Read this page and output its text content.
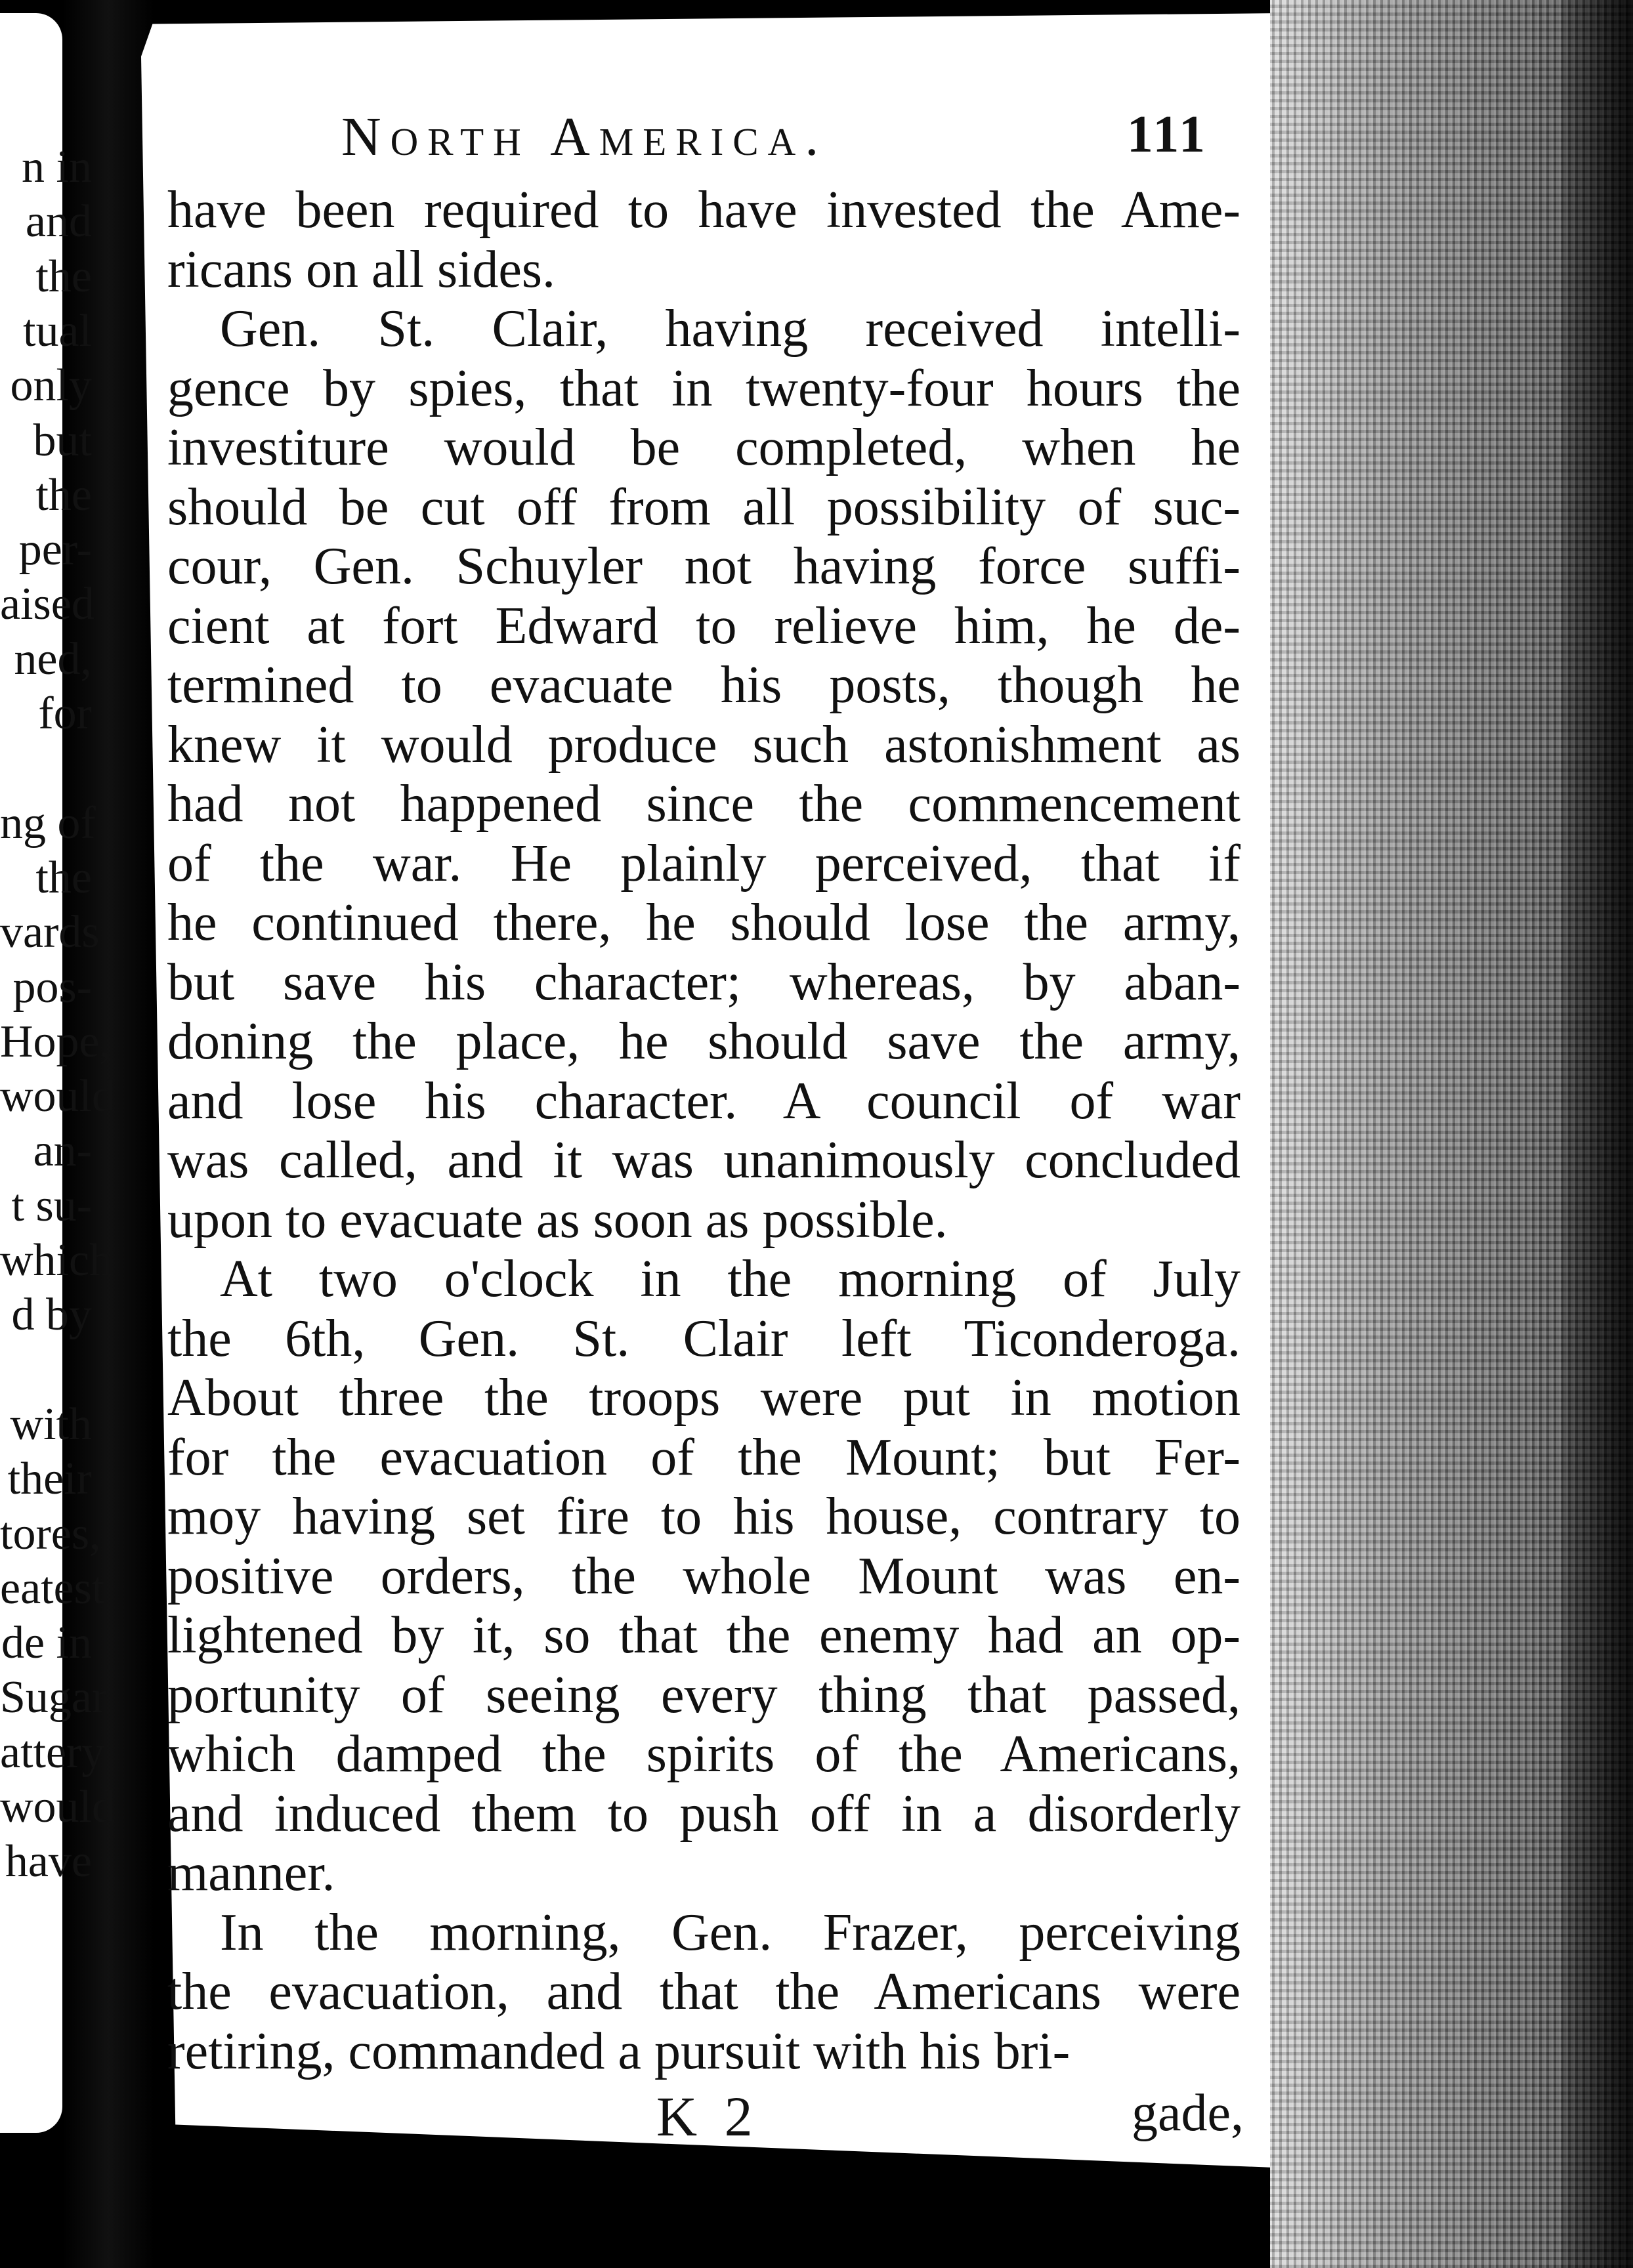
North America.	111
have been required to have invested the Ame-
ricans on all sides.
Gen. St. Clair, having received intelli-
gence by spies, that in twenty-four hours the
investiture would be completed, when he
should be cut off from all possibility of suc-
cour, Gen. Schuyler not having force suffi-
cient at fort Edward to relieve him, he de-
termined to evacuate his posts, though he
knew it would produce such astonishment as
had not happened since the commencement
of the war. He plainly perceived, that if
he continued there, he should lose the army,
but save his character; whereas, by aban-
doning the place, he should save the army,
and lose his character. A council of war
was called, and it was unanimously concluded
upon to evacuate as soon as possible.
At two o'clock in the morning of July
the 6th, Gen. St. Clair left Ticonderoga.
About three the troops were put in motion
for the evacuation of the Mount; but Fer-
moy having set fire to his house, contrary to
positive orders, the whole Mount was en-
lightened by it, so that the enemy had an op-
portunity of seeing every thing that passed,
which damped the spirits of the Americans,
and induced them to push off in a disorderly
manner.
In the morning, Gen. Frazer, perceiving
the evacuation, and that the Americans were
retiring, commanded a pursuit with his bri-
K 2	gade,
n in
and
the
tual
only
but
the
per-
aised
ned,
for
ng of
the
vards
pos-
Hope,
would
an-
t su-
which
d by
with
their
tores,
eatest
de in
Sugar
attery
would
have
